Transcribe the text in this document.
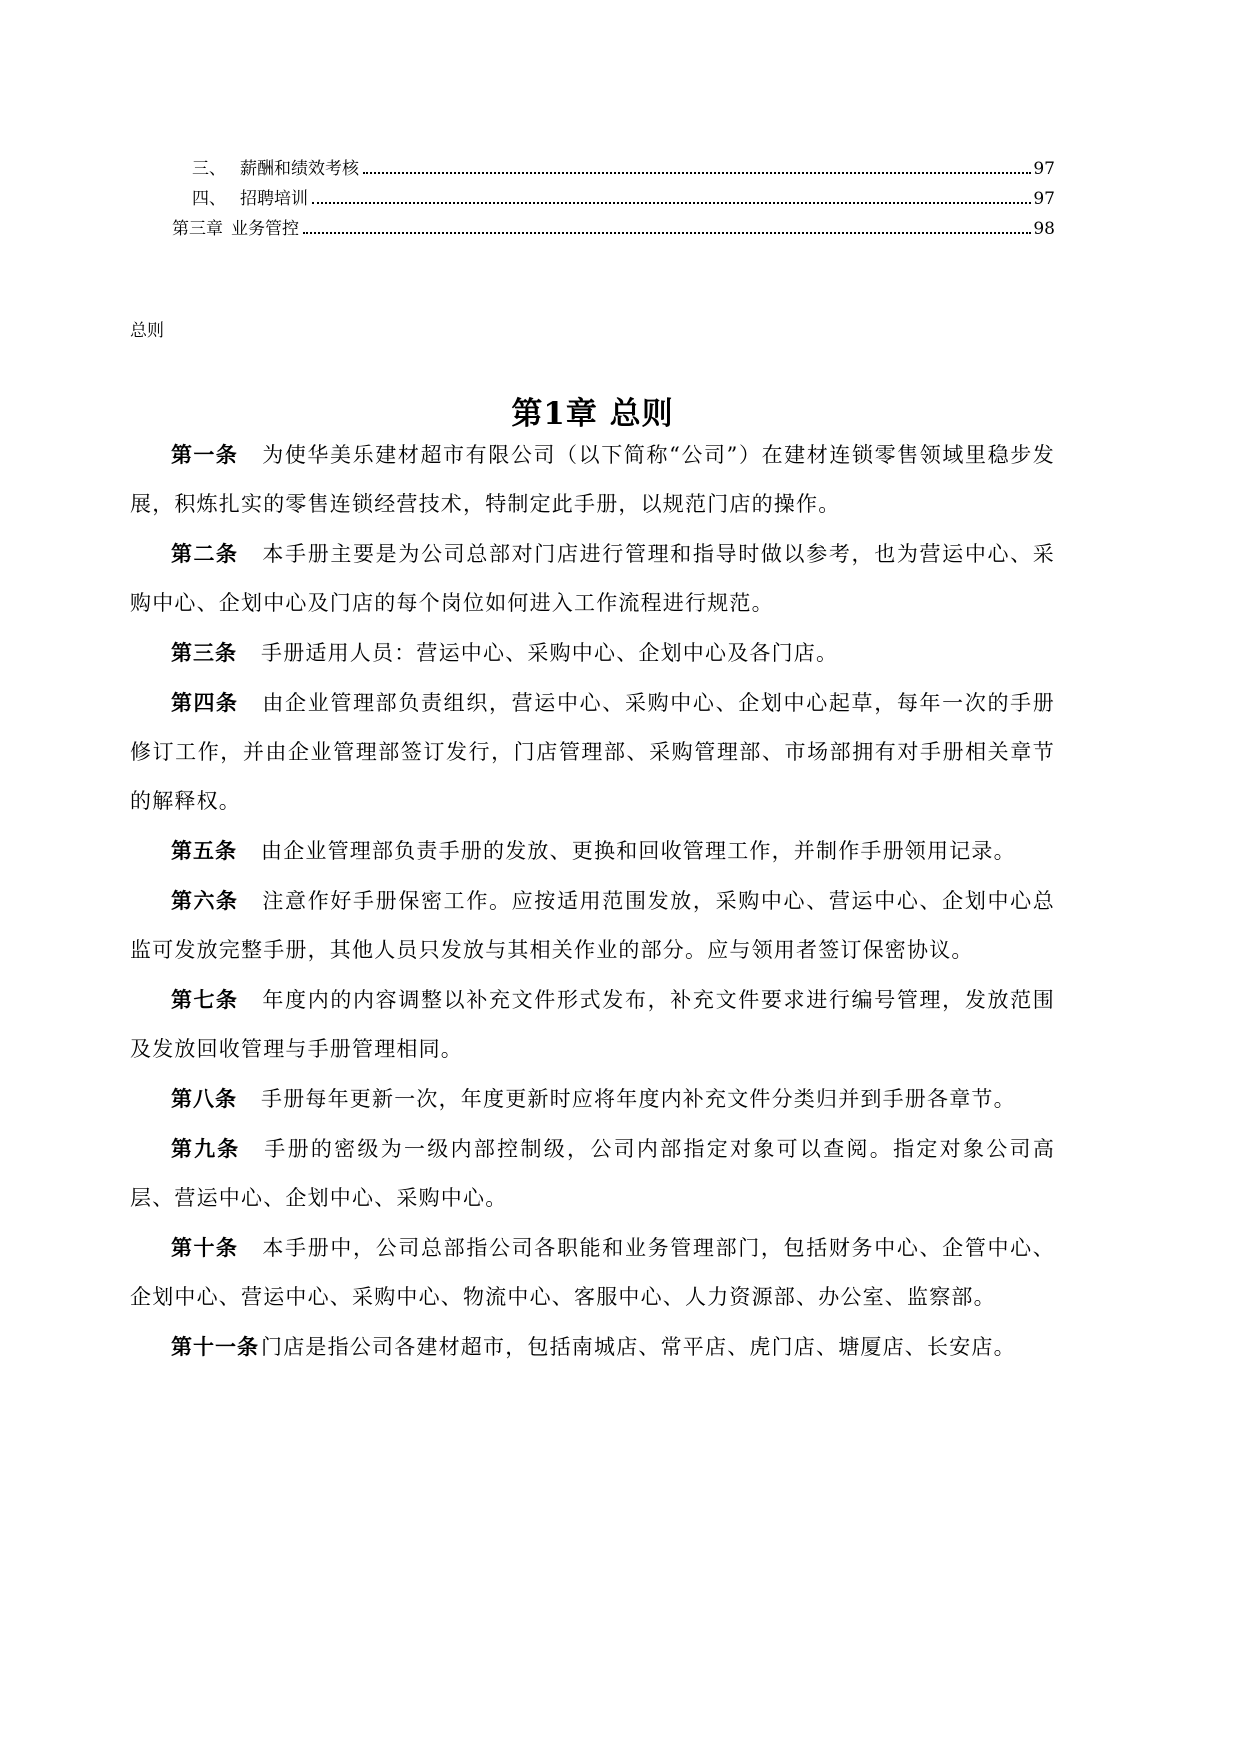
三、 薪酬和绩效考核	97
四、 招聘培训	97
第三章 业务管控	98
总则
第1章 总则

第一条 为使华美乐建材超市有限公司（以下简称“公司”）在建材连锁零售领域里稳步发展，积炼扎实的零售连锁经营技术，特制定此手册，以规范门店的操作。

第二条 本手册主要是为公司总部对门店进行管理和指导时做以参考，也为营运中心、采购中心、企划中心及门店的每个岗位如何进入工作流程进行规范。

第三条 手册适用人员：营运中心、采购中心、企划中心及各门店。

第四条 由企业管理部负责组织，营运中心、采购中心、企划中心起草，每年一次的手册修订工作，并由企业管理部签订发行，门店管理部、采购管理部、市场部拥有对手册相关章节的解释权。

第五条 由企业管理部负责手册的发放、更换和回收管理工作，并制作手册领用记录。

第六条 注意作好手册保密工作。应按适用范围发放，采购中心、营运中心、企划中心总监可发放完整手册，其他人员只发放与其相关作业的部分。应与领用者签订保密协议。

第七条 年度内的内容调整以补充文件形式发布，补充文件要求进行编号管理，发放范围及发放回收管理与手册管理相同。

第八条 手册每年更新一次，年度更新时应将年度内补充文件分类归并到手册各章节。

第九条 手册的密级为一级内部控制级，公司内部指定对象可以查阅。指定对象公司高层、营运中心、企划中心、采购中心。

第十条 本手册中，公司总部指公司各职能和业务管理部门，包括财务中心、企管中心、企划中心、营运中心、采购中心、物流中心、客服中心、人力资源部、办公室、监察部。

第十一条门店是指公司各建材超市，包括南城店、常平店、虎门店、塘厦店、长安店。
